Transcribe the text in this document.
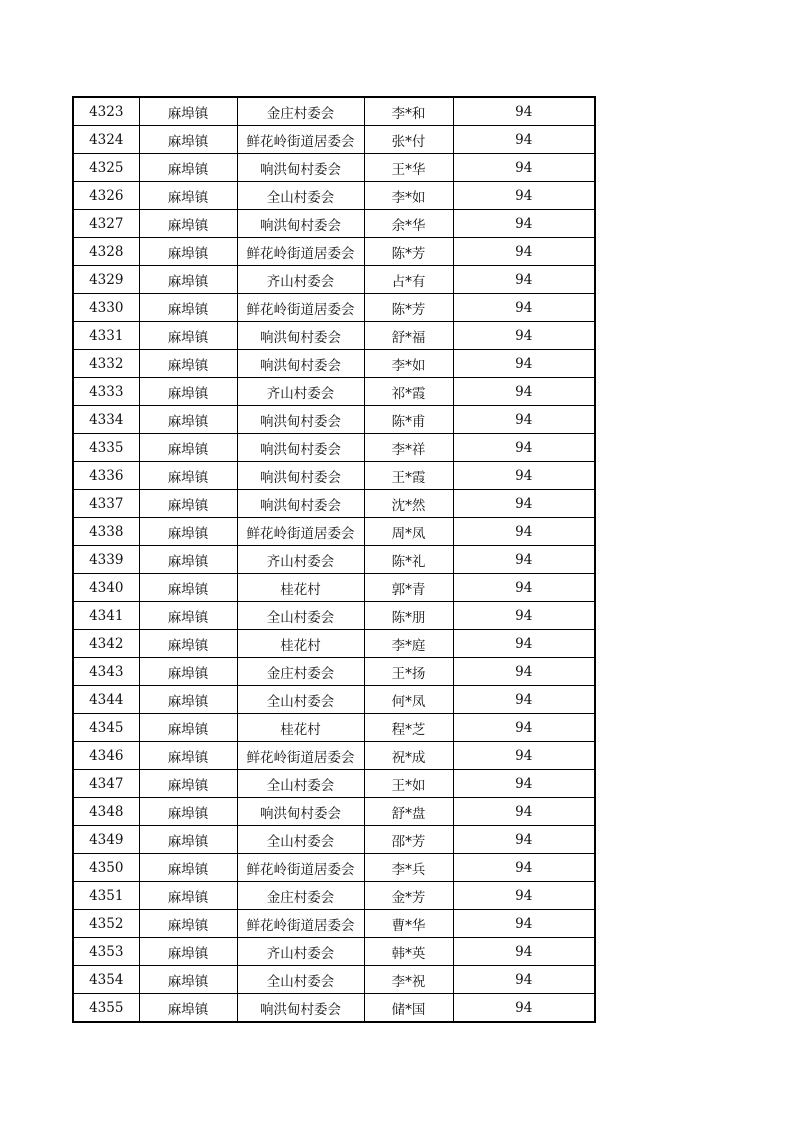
4323	麻埠镇	金庄村委会	李*和	94
4324	麻埠镇	鲜花岭街道居委会	张*付	94
4325	麻埠镇	响洪甸村委会	王*华	94
4326	麻埠镇	全山村委会	李*如	94
4327	麻埠镇	响洪甸村委会	余*华	94
4328	麻埠镇	鲜花岭街道居委会	陈*芳	94
4329	麻埠镇	齐山村委会	占*有	94
4330	麻埠镇	鲜花岭街道居委会	陈*芳	94
4331	麻埠镇	响洪甸村委会	舒*福	94
4332	麻埠镇	响洪甸村委会	李*如	94
4333	麻埠镇	齐山村委会	祁*霞	94
4334	麻埠镇	响洪甸村委会	陈*甫	94
4335	麻埠镇	响洪甸村委会	李*祥	94
4336	麻埠镇	响洪甸村委会	王*霞	94
4337	麻埠镇	响洪甸村委会	沈*然	94
4338	麻埠镇	鲜花岭街道居委会	周*凤	94
4339	麻埠镇	齐山村委会	陈*礼	94
4340	麻埠镇	桂花村	郭*青	94
4341	麻埠镇	全山村委会	陈*朋	94
4342	麻埠镇	桂花村	李*庭	94
4343	麻埠镇	金庄村委会	王*扬	94
4344	麻埠镇	全山村委会	何*凤	94
4345	麻埠镇	桂花村	程*芝	94
4346	麻埠镇	鲜花岭街道居委会	祝*成	94
4347	麻埠镇	全山村委会	王*如	94
4348	麻埠镇	响洪甸村委会	舒*盘	94
4349	麻埠镇	全山村委会	邵*芳	94
4350	麻埠镇	鲜花岭街道居委会	李*兵	94
4351	麻埠镇	金庄村委会	金*芳	94
4352	麻埠镇	鲜花岭街道居委会	曹*华	94
4353	麻埠镇	齐山村委会	韩*英	94
4354	麻埠镇	全山村委会	李*祝	94
4355	麻埠镇	响洪甸村委会	储*国	94
